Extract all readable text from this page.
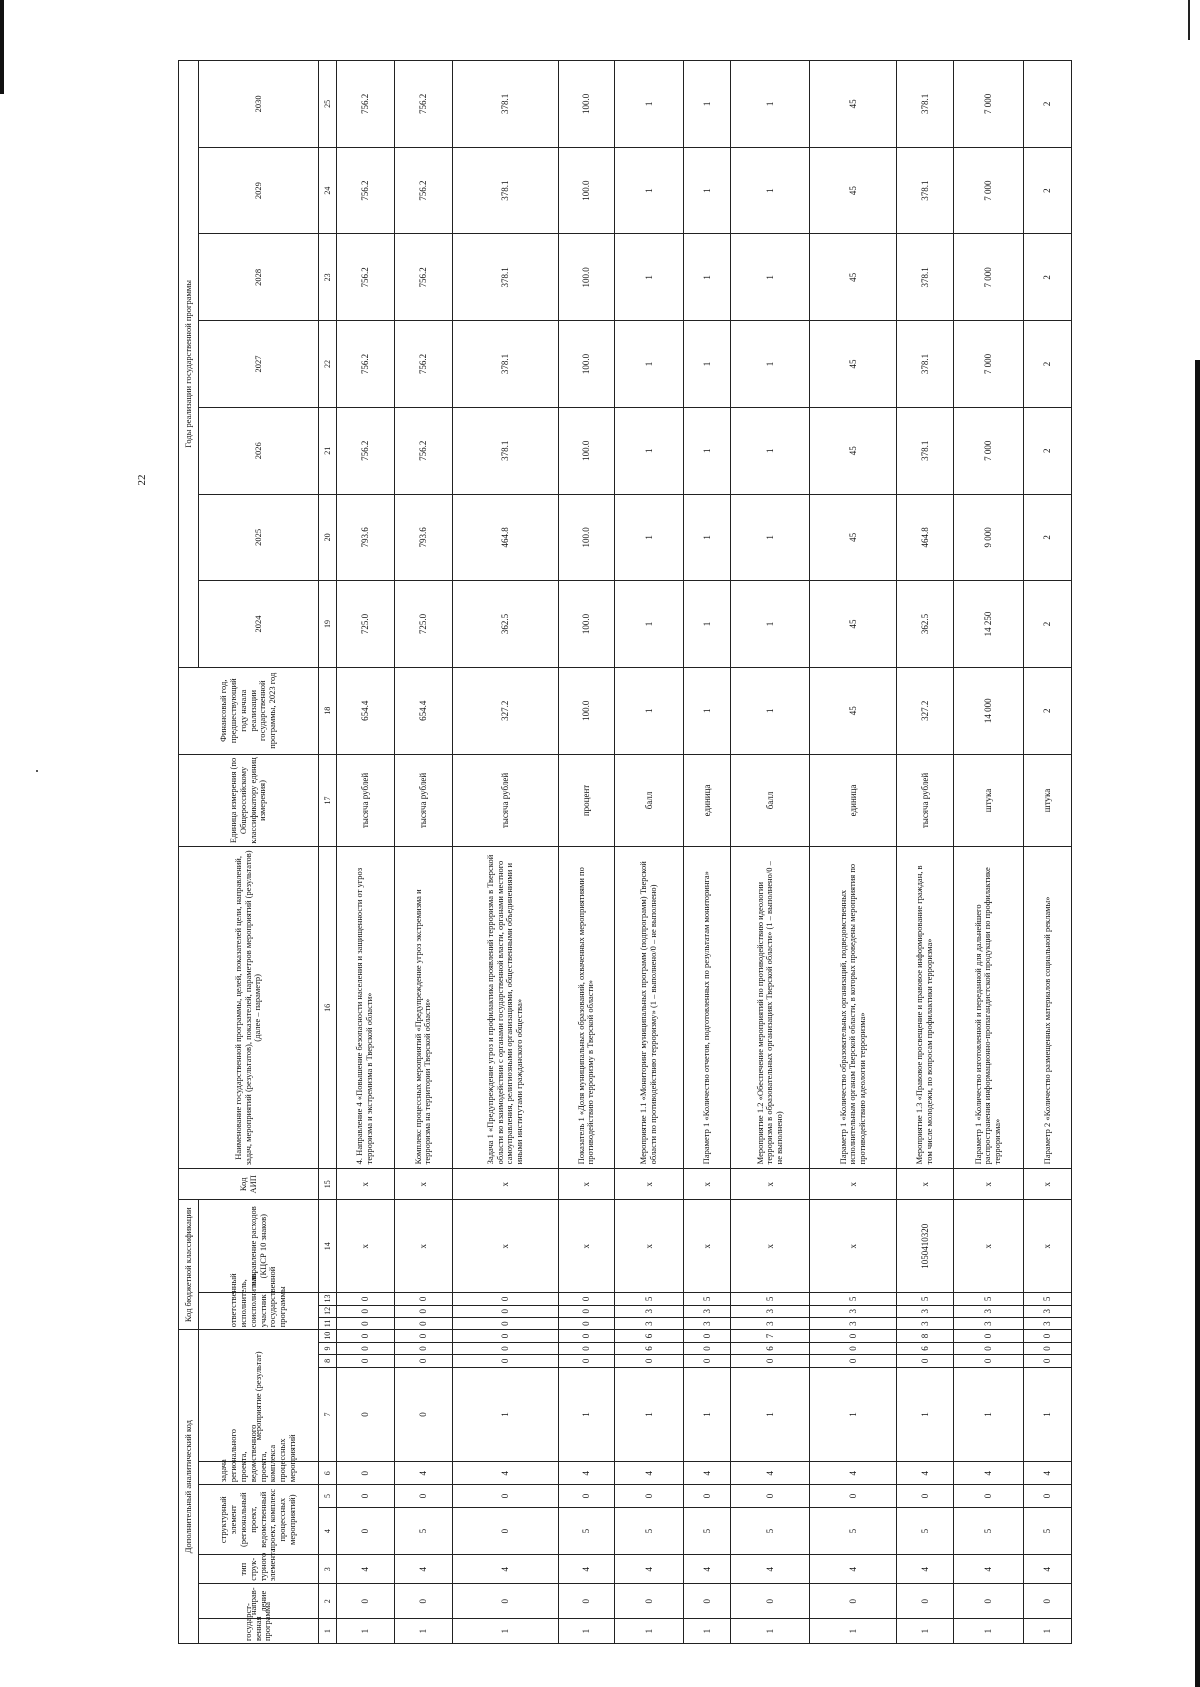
22
Дополнительный аналитический код										Код бюджетной классификации				Код АИП	Наименование государственной программы, целей, показателей цели, направлений, задач, мероприятий (результатов), показателей, параметров мероприятий (результатов) (далее – параметр)	Единица измерения (по Общероссийскому классификатору единиц измерения)	Финансовый год, предшествующий году начала реализации государственной программы, 2023 год	Годы реализации государственной программы						
государст-венная программа	направ-ление	тип струк-турного элемента	структурный элемент (региональный проект, ведомственный проект, комплекс процессных мероприятий)		задача регионального проекта, ведомственного проекта, комплекса процессных мероприятий	мероприятие (результат)				ответственный исполнитель, соисполнитель, участник государственной программы			направление расходов (КЦСР 10 знаков)					2024	2025	2026	2027	2028	2029	2030

1	2	3	4	5	6	7	8	9	10	11	12	13	14	15	16	17	18	19	20	21	22	23	24	25
1	0	4	0	0	0	0	0	0	0	0	0	0	х	х	4. Направление 4 «Повышение безопасности населения и защищенности от угроз терроризма и экстремизма в Тверской области»	тысяча рублей	654.4	725.0	793.6	756.2	756.2	756.2	756.2	756.2
1	0	4	5	0	4	0	0	0	0	0	0	0	х	х	Комплекс процессных мероприятий «Предупреждение угроз экстремизма и терроризма на территории Тверской области»	тысяча рублей	654.4	725.0	793.6	756.2	756.2	756.2	756.2	756.2
1	0	4	0	0	4	1	0	0	0	0	0	0	х	х	Задача 1 «Предупреждение угроз и профилактика проявлений терроризма в Тверской области во взаимодействии с органами государственной власти, органами местного самоуправления, религиозными организациями, общественными объединениями и иными институтами гражданского общества»	тысяча рублей	327.2	362.5	464.8	378.1	378.1	378.1	378.1	378.1
1	0	4	5	0	4	1	0	0	0	0	0	0	х	х	Показатель 1 «Доля муниципальных образований, охваченных мероприятиями по противодействию терроризму в Тверской области»	процент	100.0	100.0	100.0	100.0	100.0	100.0	100.0	100.0
1	0	4	5	0	4	1	0	6	6	3	3	5	х	х	Мероприятие 1.1 «Мониторинг муниципальных программ (подпрограмм) Тверской области по противодействию терроризму» (1 – выполнено/0 – не выполнено)	балл	1	1	1	1	1	1	1	1
1	0	4	5	0	4	1	0	0	0	3	3	5	х	х	Параметр 1 «Количество отчетов, подготовленных по результатам мониторинга»	единица	1	1	1	1	1	1	1	1
1	0	4	5	0	4	1	0	6	7	3	3	5	х	х	Мероприятие 1.2 «Обеспечение мероприятий по противодействию идеологии терроризма в образовательных организациях Тверской области» (1 – выполнено/0 – не выполнено)	балл	1	1	1	1	1	1	1	1
1	0	4	5	0	4	1	0	0	0	3	3	5	х	х	Параметр 1 «Количество образовательных организаций, подведомственных исполнительным органам Тверской области, в которых проведены мероприятия по противодействию идеологии терроризма»	единица	45	45	45	45	45	45	45	45
1	0	4	5	0	4	1	0	6	8	3	3	5	1050410320	х	Мероприятие 1.3 «Правовое просвещение и правовое информирование граждан, в том числе молодежи, по вопросам профилактики терроризма»	тысяча рублей	327.2	362.5	464.8	378.1	378.1	378.1	378.1	378.1
1	0	4	5	0	4	1	0	0	0	3	3	5	х	х	Параметр 1 «Количество изготовленной и переданной для дальнейшего распространения информационно-пропагандистской продукции по профилактике терроризма»	штука	14 000	14 250	9 000	7 000	7 000	7 000	7 000	7 000
1	0	4	5	0	4	1	0	0	0	3	3	5	х	х	Параметр 2 «Количество размещенных материалов социальной рекламы»	штука	2	2	2	2	2	2	2	2
